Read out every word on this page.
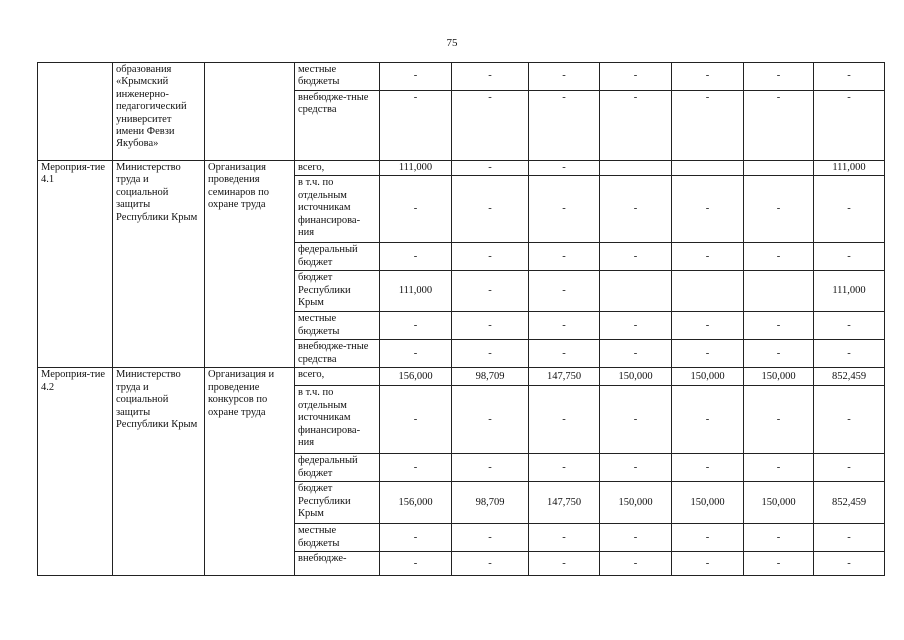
75
	образования «Крымский инженерно-педагогический университет имени Февзи Якубова»		местные бюджеты	-	-	-	-	-	-	-
			внебюдже-тные средства	-	-	-	-	-	-	-
Мероприя-тие 4.1	Министерство труда и социальной защиты Республики Крым	Организация проведения семинаров по охране труда	всего,	111,000	-	-				111,000
			в т.ч. по отдельным источникам финансирова-ния	-	-	-	-	-	-	-
			федеральный бюджет	-	-	-	-	-	-	-
			бюджет Республики Крым	111,000	-	-				111,000
			местные бюджеты	-	-	-	-	-	-	-
			внебюдже-тные средства	-	-	-	-	-	-	-
Мероприя-тие 4.2	Министерство труда и социальной защиты Республики Крым	Организация и проведение конкурсов по охране труда	всего,	156,000	98,709	147,750	150,000	150,000	150,000	852,459
			в т.ч. по отдельным источникам финансирова-ния	-	-	-	-	-	-	-
			федеральный бюджет	-	-	-	-	-	-	-
			бюджет Республики Крым	156,000	98,709	147,750	150,000	150,000	150,000	852,459
			местные бюджеты	-	-	-	-	-	-	-
			внебюдже-	-	-	-	-	-	-	-
